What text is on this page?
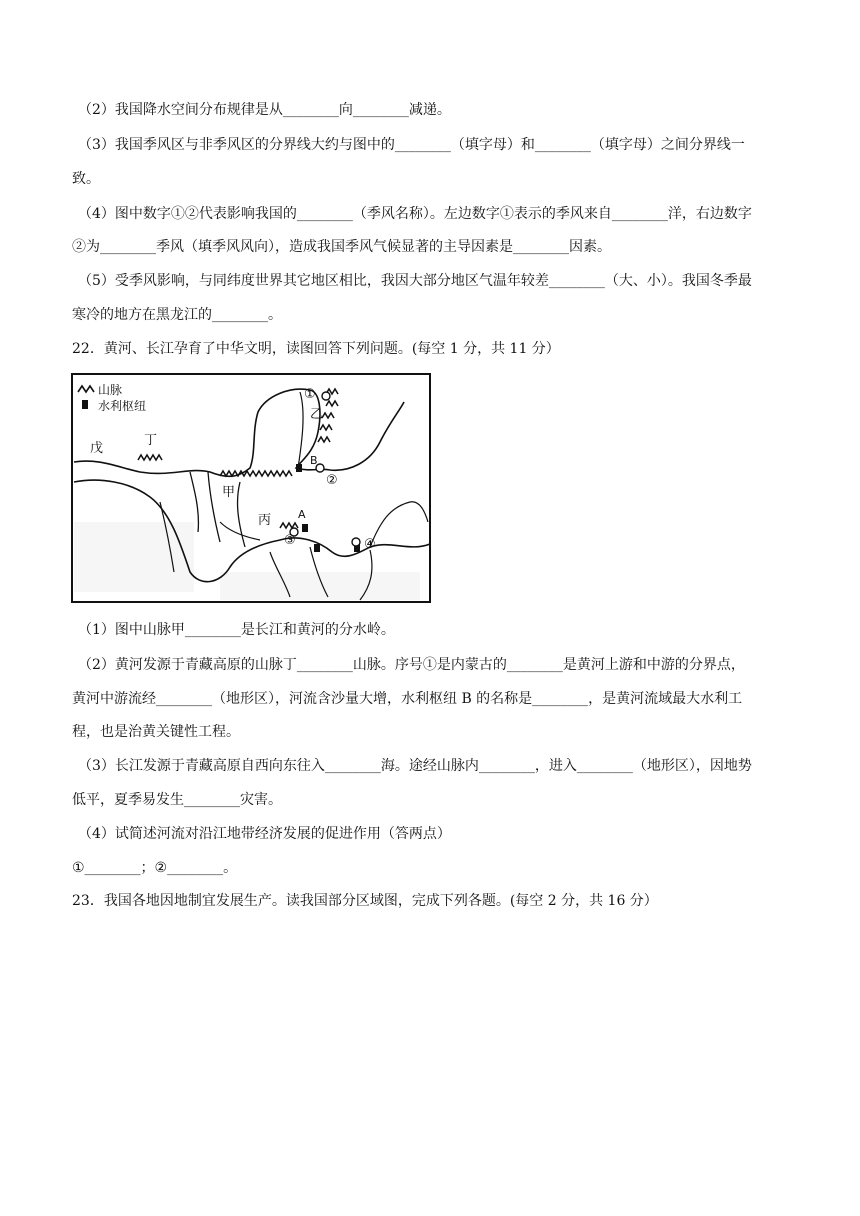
（2）我国降水空间分布规律是从________向________减递。
（3）我国季风区与非季风区的分界线大约与图中的________（填字母）和________（填字母）之间分界线一
致。
（4）图中数字①②代表影响我国的________（季风名称）。左边数字①表示的季风来自________洋，右边数字
②为________季风（填季风风向），造成我国季风气候显著的主导因素是________因素。
（5）受季风影响，与同纬度世界其它地区相比，我因大部分地区气温年较差________（大、小）。我国冬季最
寒冷的地方在黑龙江的________。
22．黄河、长江孕育了中华文明，读图回答下列问题。(每空 1 分，共 11 分）
山脉
水利枢纽
①
乙
B
②
甲
丁
戊
丙 A
③	④
（1）图中山脉甲________是长江和黄河的分水岭。
（2）黄河发源于青藏高原的山脉丁________山脉。序号①是内蒙古的________是黄河上游和中游的分界点，
黄河中游流经________（地形区），河流含沙量大增，水利枢纽 B 的名称是________，是黄河流域最大水利工
程，也是治黄关键性工程。
（3）长江发源于青藏高原自西向东往入________海。途经山脉内________，进入________（地形区），因地势
低平，夏季易发生________灾害。
（4）试简述河流对沿江地带经济发展的促进作用（答两点）
①________；②________。
23．我国各地因地制宜发展生产。读我国部分区域图，完成下列各题。(每空 2 分，共 16 分）
